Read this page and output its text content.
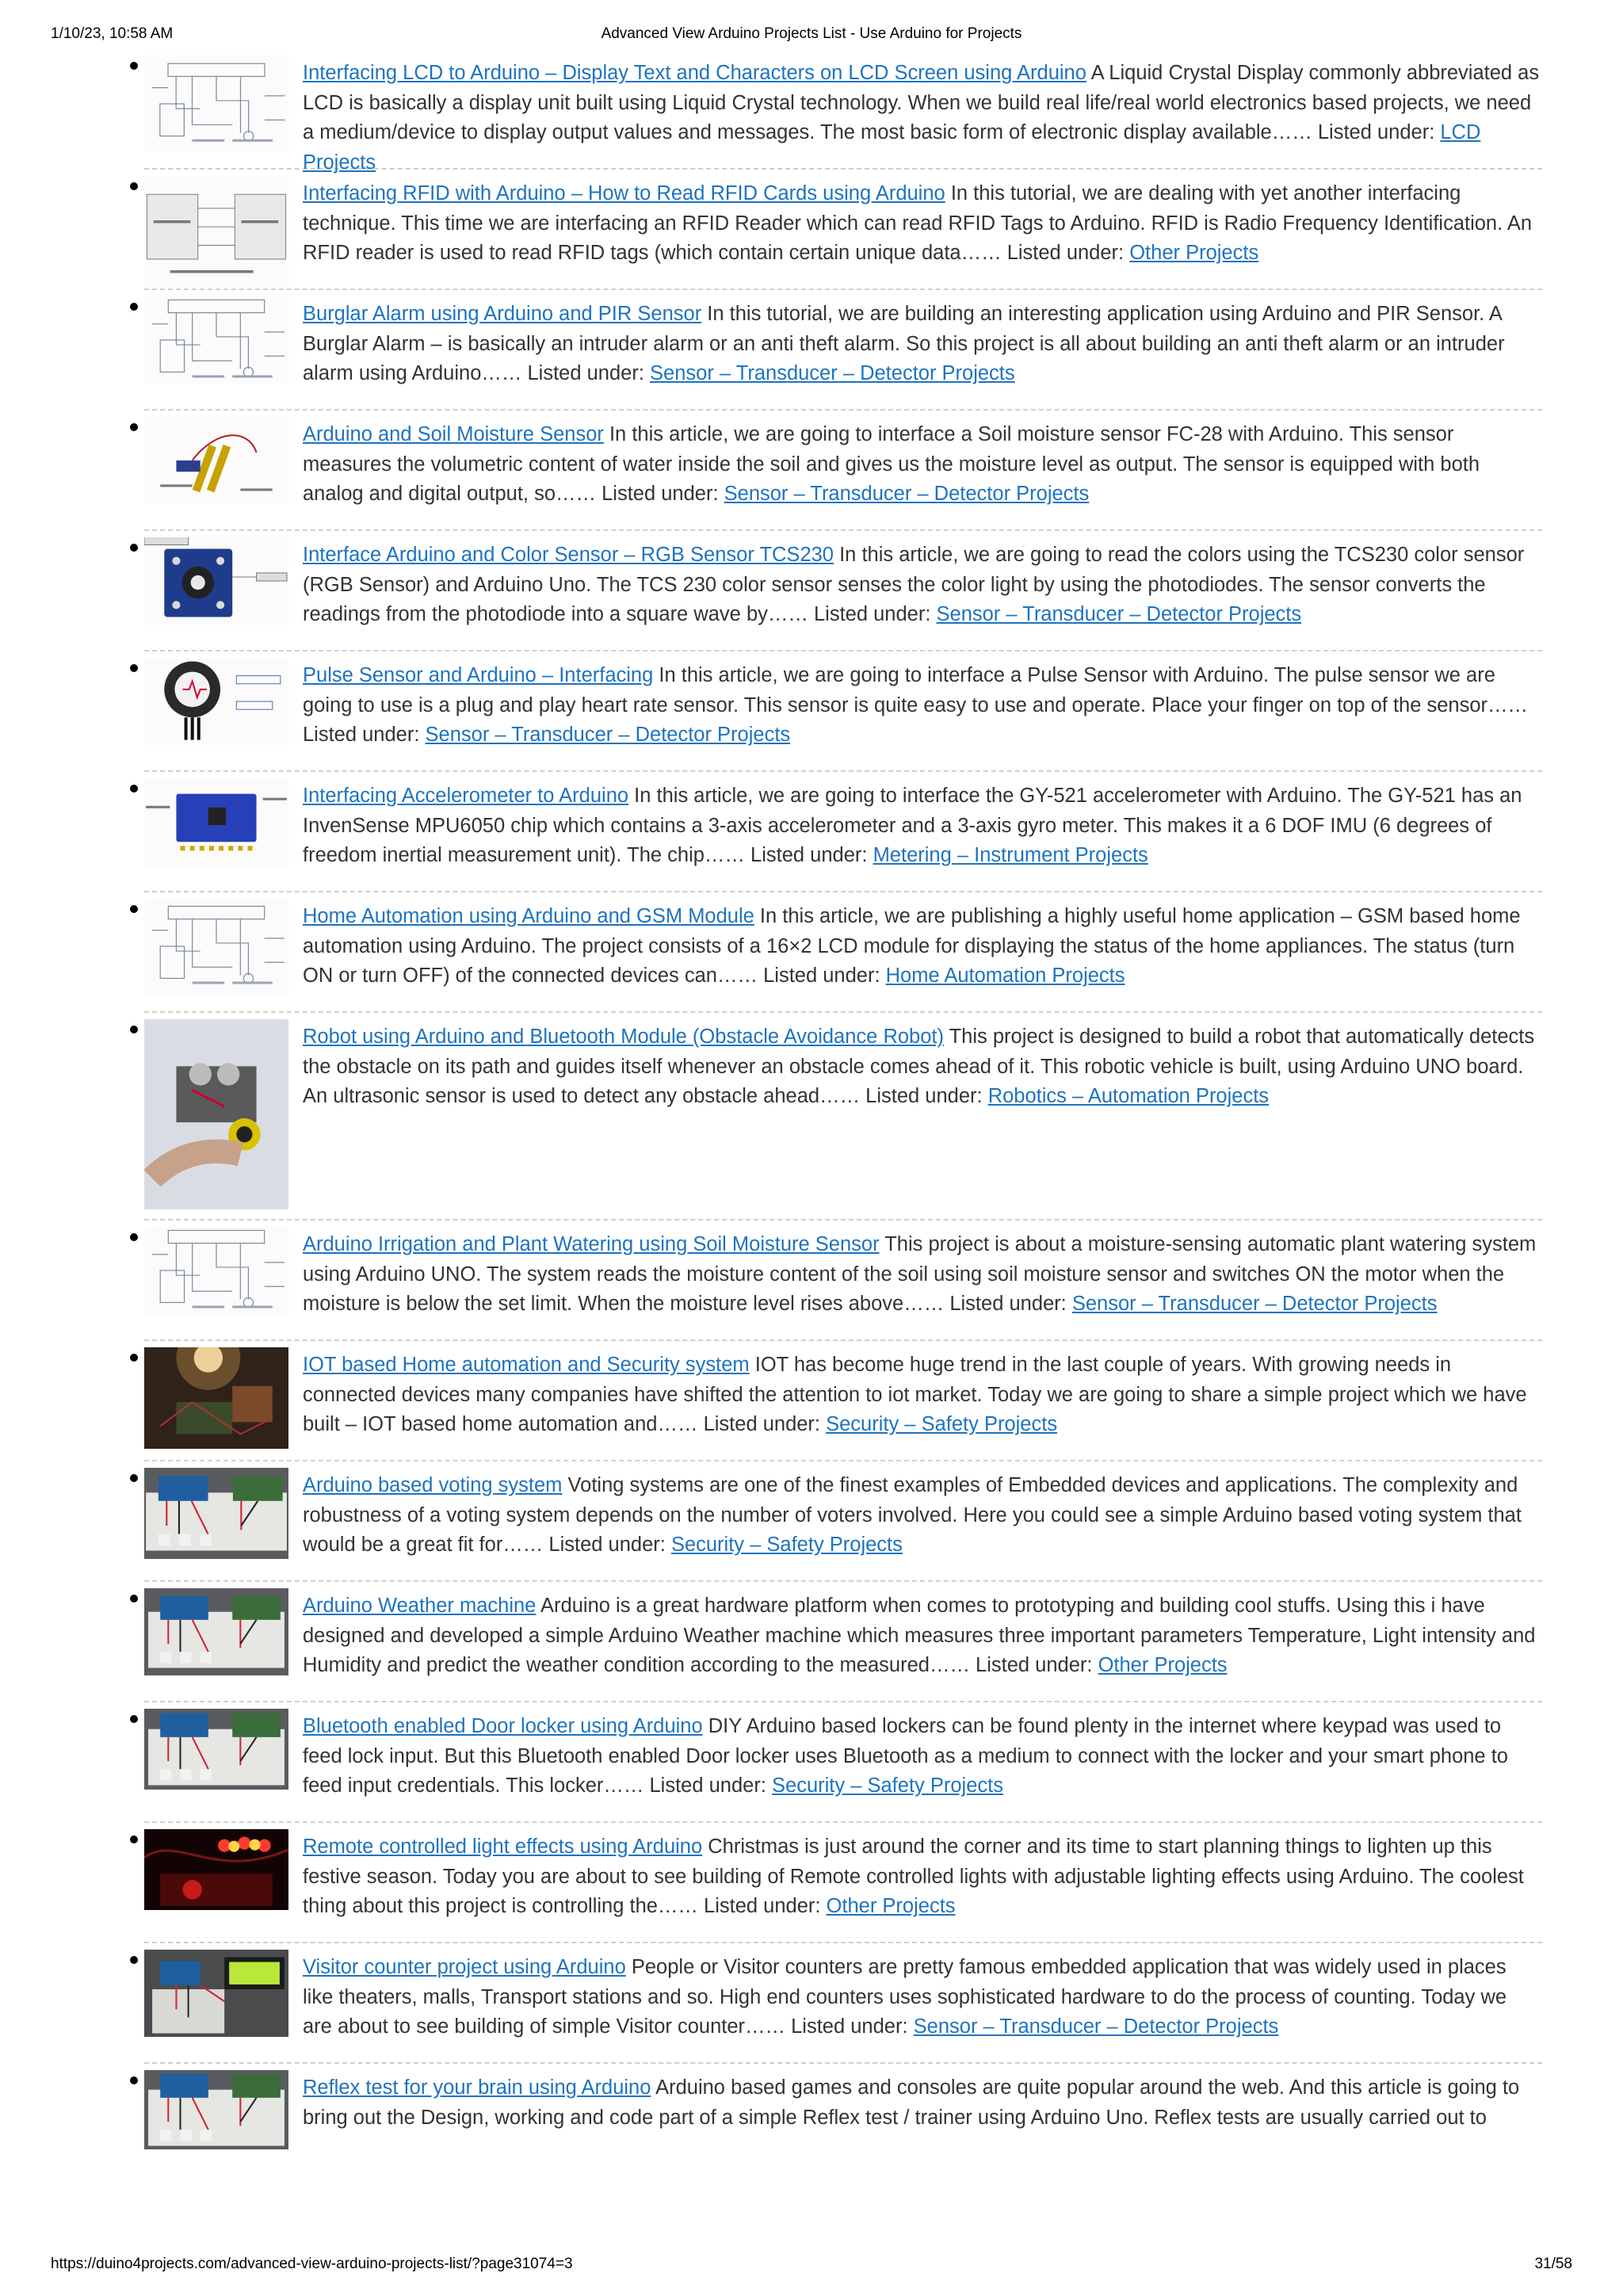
1/10/23, 10:58 AM	Advanced View Arduino Projects List - Use Arduino for Projects
Interfacing LCD to Arduino – Display Text and Characters on LCD Screen using Arduino A Liquid Crystal Display commonly abbreviated as LCD is basically a display unit built using Liquid Crystal technology. When we build real life/real world electronics based projects, we need a medium/device to display output values and messages. The most basic form of electronic display available…… Listed under: LCD Projects
Interfacing RFID with Arduino – How to Read RFID Cards using Arduino In this tutorial, we are dealing with yet another interfacing technique. This time we are interfacing an RFID Reader which can read RFID Tags to Arduino. RFID is Radio Frequency Identification. An RFID reader is used to read RFID tags (which contain certain unique data…… Listed under: Other Projects
Burglar Alarm using Arduino and PIR Sensor In this tutorial, we are building an interesting application using Arduino and PIR Sensor. A Burglar Alarm – is basically an intruder alarm or an anti theft alarm. So this project is all about building an anti theft alarm or an intruder alarm using Arduino…… Listed under: Sensor – Transducer – Detector Projects
Arduino and Soil Moisture Sensor In this article, we are going to interface a Soil moisture sensor FC-28 with Arduino. This sensor measures the volumetric content of water inside the soil and gives us the moisture level as output. The sensor is equipped with both analog and digital output, so…… Listed under: Sensor – Transducer – Detector Projects
Interface Arduino and Color Sensor – RGB Sensor TCS230 In this article, we are going to read the colors using the TCS230 color sensor (RGB Sensor) and Arduino Uno. The TCS 230 color sensor senses the color light by using the photodiodes. The sensor converts the readings from the photodiode into a square wave by…… Listed under: Sensor – Transducer – Detector Projects
Pulse Sensor and Arduino – Interfacing In this article, we are going to interface a Pulse Sensor with Arduino. The pulse sensor we are going to use is a plug and play heart rate sensor. This sensor is quite easy to use and operate. Place your finger on top of the sensor…… Listed under: Sensor – Transducer – Detector Projects
Interfacing Accelerometer to Arduino In this article, we are going to interface the GY-521 accelerometer with Arduino. The GY-521 has an InvenSense MPU6050 chip which contains a 3-axis accelerometer and a 3-axis gyro meter. This makes it a 6 DOF IMU (6 degrees of freedom inertial measurement unit). The chip…… Listed under: Metering – Instrument Projects
Home Automation using Arduino and GSM Module In this article, we are publishing a highly useful home application – GSM based home automation using Arduino. The project consists of a 16×2 LCD module for displaying the status of the home appliances. The status (turn ON or turn OFF) of the connected devices can…… Listed under: Home Automation Projects
Robot using Arduino and Bluetooth Module (Obstacle Avoidance Robot) This project is designed to build a robot that automatically detects the obstacle on its path and guides itself whenever an obstacle comes ahead of it. This robotic vehicle is built, using Arduino UNO board. An ultrasonic sensor is used to detect any obstacle ahead…… Listed under: Robotics – Automation Projects
Arduino Irrigation and Plant Watering using Soil Moisture Sensor This project is about a moisture-sensing automatic plant watering system using Arduino UNO. The system reads the moisture content of the soil using soil moisture sensor and switches ON the motor when the moisture is below the set limit. When the moisture level rises above…… Listed under: Sensor – Transducer – Detector Projects
IOT based Home automation and Security system IOT has become huge trend in the last couple of years. With growing needs in connected devices many companies have shifted the attention to iot market. Today we are going to share a simple project which we have built – IOT based home automation and…… Listed under: Security – Safety Projects
Arduino based voting system Voting systems are one of the finest examples of Embedded devices and applications. The complexity and robustness of a voting system depends on the number of voters involved. Here you could see a simple Arduino based voting system that would be a great fit for…… Listed under: Security – Safety Projects
Arduino Weather machine Arduino is a great hardware platform when comes to prototyping and building cool stuffs. Using this i have designed and developed a simple Arduino Weather machine which measures three important parameters Temperature, Light intensity and Humidity and predict the weather condition according to the measured…… Listed under: Other Projects
Bluetooth enabled Door locker using Arduino DIY Arduino based lockers can be found plenty in the internet where keypad was used to feed lock input. But this Bluetooth enabled Door locker uses Bluetooth as a medium to connect with the locker and your smart phone to feed input credentials. This locker…… Listed under: Security – Safety Projects
Remote controlled light effects using Arduino Christmas is just around the corner and its time to start planning things to lighten up this festive season. Today you are about to see building of Remote controlled lights with adjustable lighting effects using Arduino. The coolest thing about this project is controlling the…… Listed under: Other Projects
Visitor counter project using Arduino People or Visitor counters are pretty famous embedded application that was widely used in places like theaters, malls, Transport stations and so. High end counters uses sophisticated hardware to do the process of counting. Today we are about to see building of simple Visitor counter…… Listed under: Sensor – Transducer – Detector Projects
Reflex test for your brain using Arduino Arduino based games and consoles are quite popular around the web. And this article is going to bring out the Design, working and code part of a simple Reflex test / trainer using Arduino Uno. Reflex tests are usually carried out to
https://duino4projects.com/advanced-view-arduino-projects-list/?page31074=3	31/58
